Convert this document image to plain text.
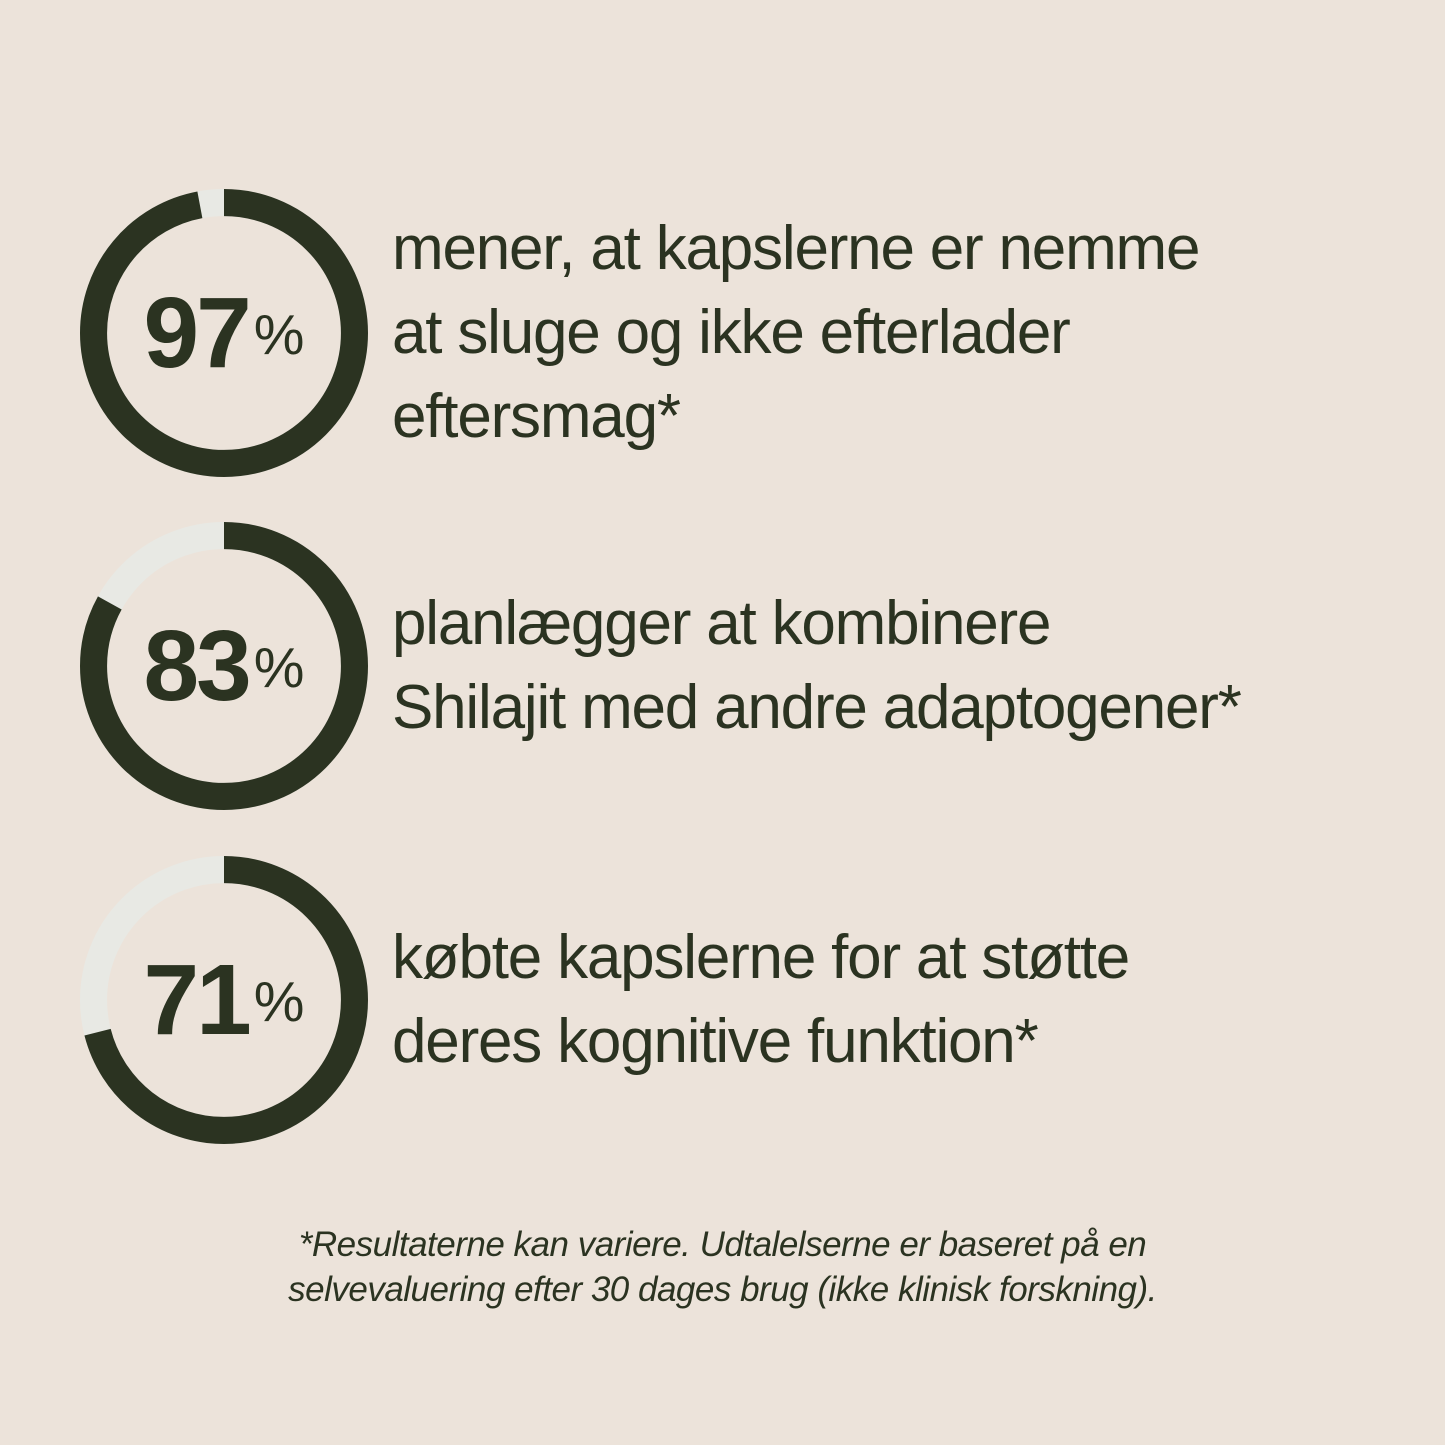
97 %
mener, at kapslerne er nemme
at sluge og ikke efterlader
eftersmag*
83 %
planlægger at kombinere
Shilajit med andre adaptogener*
71 %
købte kapslerne for at støtte
deres kognitive funktion*
*Resultaterne kan variere. Udtalelserne er baseret på en
selvevaluering efter 30 dages brug (ikke klinisk forskning).
